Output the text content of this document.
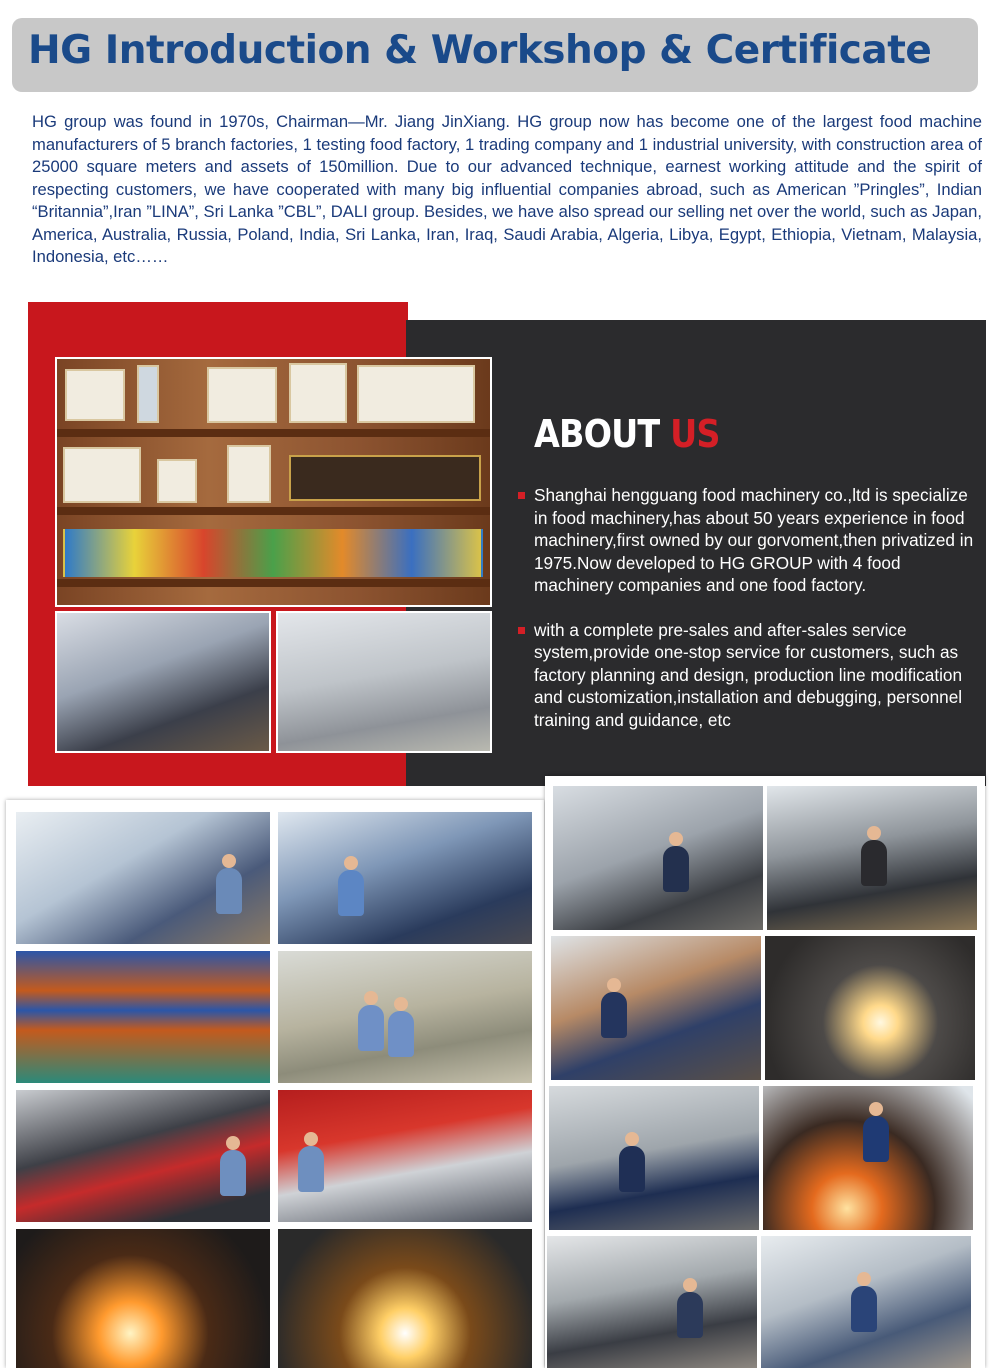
HG Introduction & Workshop & Certificate

HG group was found in 1970s, Chairman—Mr. Jiang JinXiang. HG group now has become one of the largest food machine manufacturers of 5 branch factories, 1 testing food factory, 1 trading company and 1 industrial university, with construction area of 25000 square meters and assets of 150million. Due to our advanced technique, earnest working attitude and the spirit of respecting customers, we have cooperated with many big influential companies abroad, such as American ”Pringles”, Indian “Britannia”,Iran ”LINA”, Sri Lanka ”CBL”, DALI group. Besides, we have also spread our selling net over the world, such as Japan, America, Australia, Russia, Poland, India, Sri Lanka, Iran, Iraq, Saudi Arabia, Algeria, Libya, Egypt, Ethiopia, Vietnam, Malaysia, Indonesia, etc……

ABOUT US
Shanghai hengguang food machinery co.,ltd is specialize in food machinery,has about 50 years experience in food machinery,first owned by our gorvoment,then privatized in 1975.Now developed to HG GROUP with 4 food machinery companies and one food factory.
with a complete pre-sales and after-sales service system,provide one-stop service for customers, such as factory planning and design, production line modification and customization,installation and debugging, personnel training and guidance, etc
